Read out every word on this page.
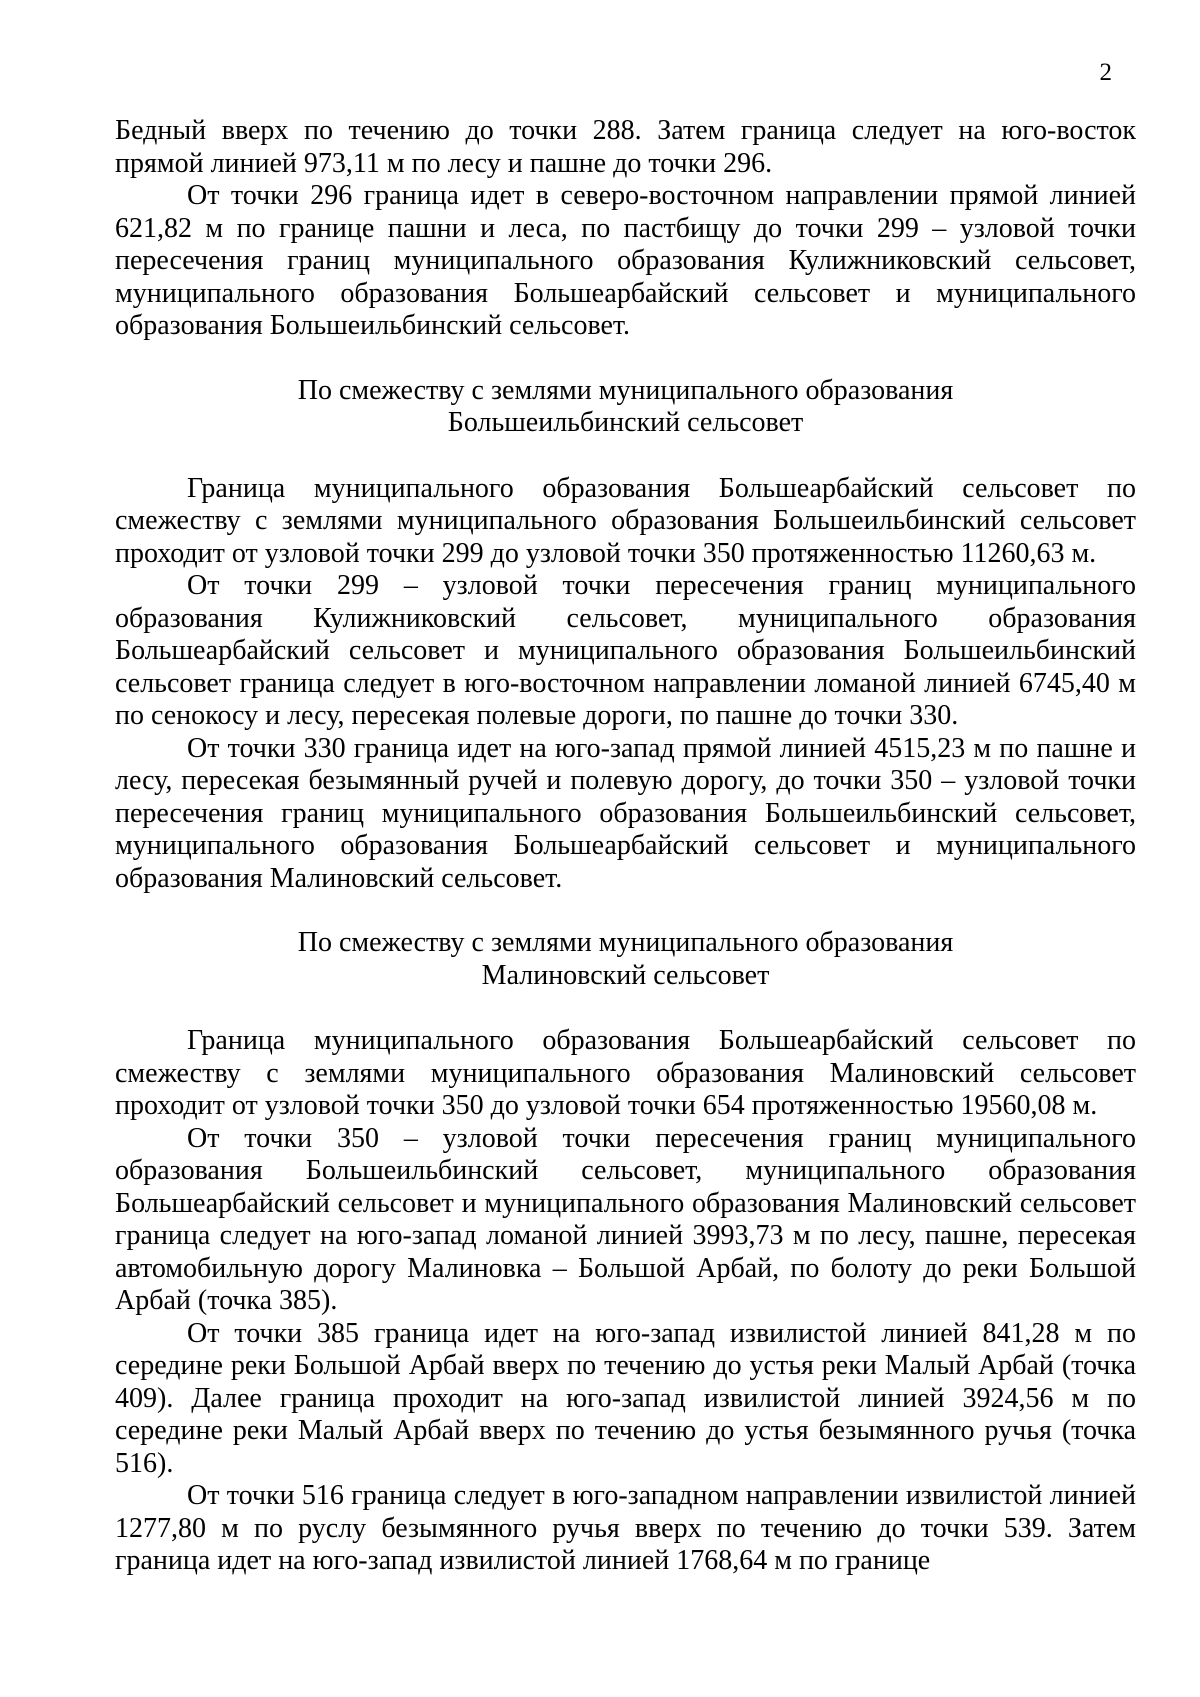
2

Бедный вверх по течению до точки 288. Затем граница следует на юго-восток прямой линией 973,11 м по лесу и пашне до точки 296.

От точки 296 граница идет в северо-восточном направлении прямой линией 621,82 м по границе пашни и леса, по пастбищу до точки 299 – узловой точки пересечения границ муниципального образования Кулижниковский сельсовет, муниципального образования Большеарбайский сельсовет и муниципального образования Большеильбинский сельсовет.

По смежеству с землями муниципального образования
Большеильбинский сельсовет

Граница муниципального образования Большеарбайский сельсовет по смежеству с землями муниципального образования Большеильбинский сельсовет проходит от узловой точки 299 до узловой точки 350 протяженностью 11260,63 м.

От точки 299 – узловой точки пересечения границ муниципального образования Кулижниковский сельсовет, муниципального образования Большеарбайский сельсовет и муниципального образования Большеильбинский сельсовет граница следует в юго-восточном направлении ломаной линией 6745,40 м по сенокосу и лесу, пересекая полевые дороги, по пашне до точки 330.

От точки 330 граница идет на юго-запад прямой линией 4515,23 м по пашне и лесу, пересекая безымянный ручей и полевую дорогу, до точки 350 – узловой точки пересечения границ муниципального образования Большеильбинский сельсовет, муниципального образования Большеарбайский сельсовет и муниципального образования Малиновский сельсовет.

По смежеству с землями муниципального образования
Малиновский сельсовет

Граница муниципального образования Большеарбайский сельсовет по смежеству с землями муниципального образования Малиновский сельсовет проходит от узловой точки 350 до узловой точки 654 протяженностью 19560,08 м.

От точки 350 – узловой точки пересечения границ муниципального образования Большеильбинский сельсовет, муниципального образования Большеарбайский сельсовет и муниципального образования Малиновский сельсовет граница следует на юго-запад ломаной линией 3993,73 м по лесу, пашне, пересекая автомобильную дорогу Малиновка – Большой Арбай, по болоту до реки Большой Арбай (точка 385).

От точки 385 граница идет на юго-запад извилистой линией 841,28 м по середине реки Большой Арбай вверх по течению до устья реки Малый Арбай (точка 409). Далее граница проходит на юго-запад извилистой линией 3924,56 м по середине реки Малый Арбай вверх по течению до устья безымянного ручья (точка 516).

От точки 516 граница следует в юго-западном направлении извилистой линией 1277,80 м по руслу безымянного ручья вверх по течению до точки 539. Затем граница идет на юго-запад извилистой линией 1768,64 м по границе
